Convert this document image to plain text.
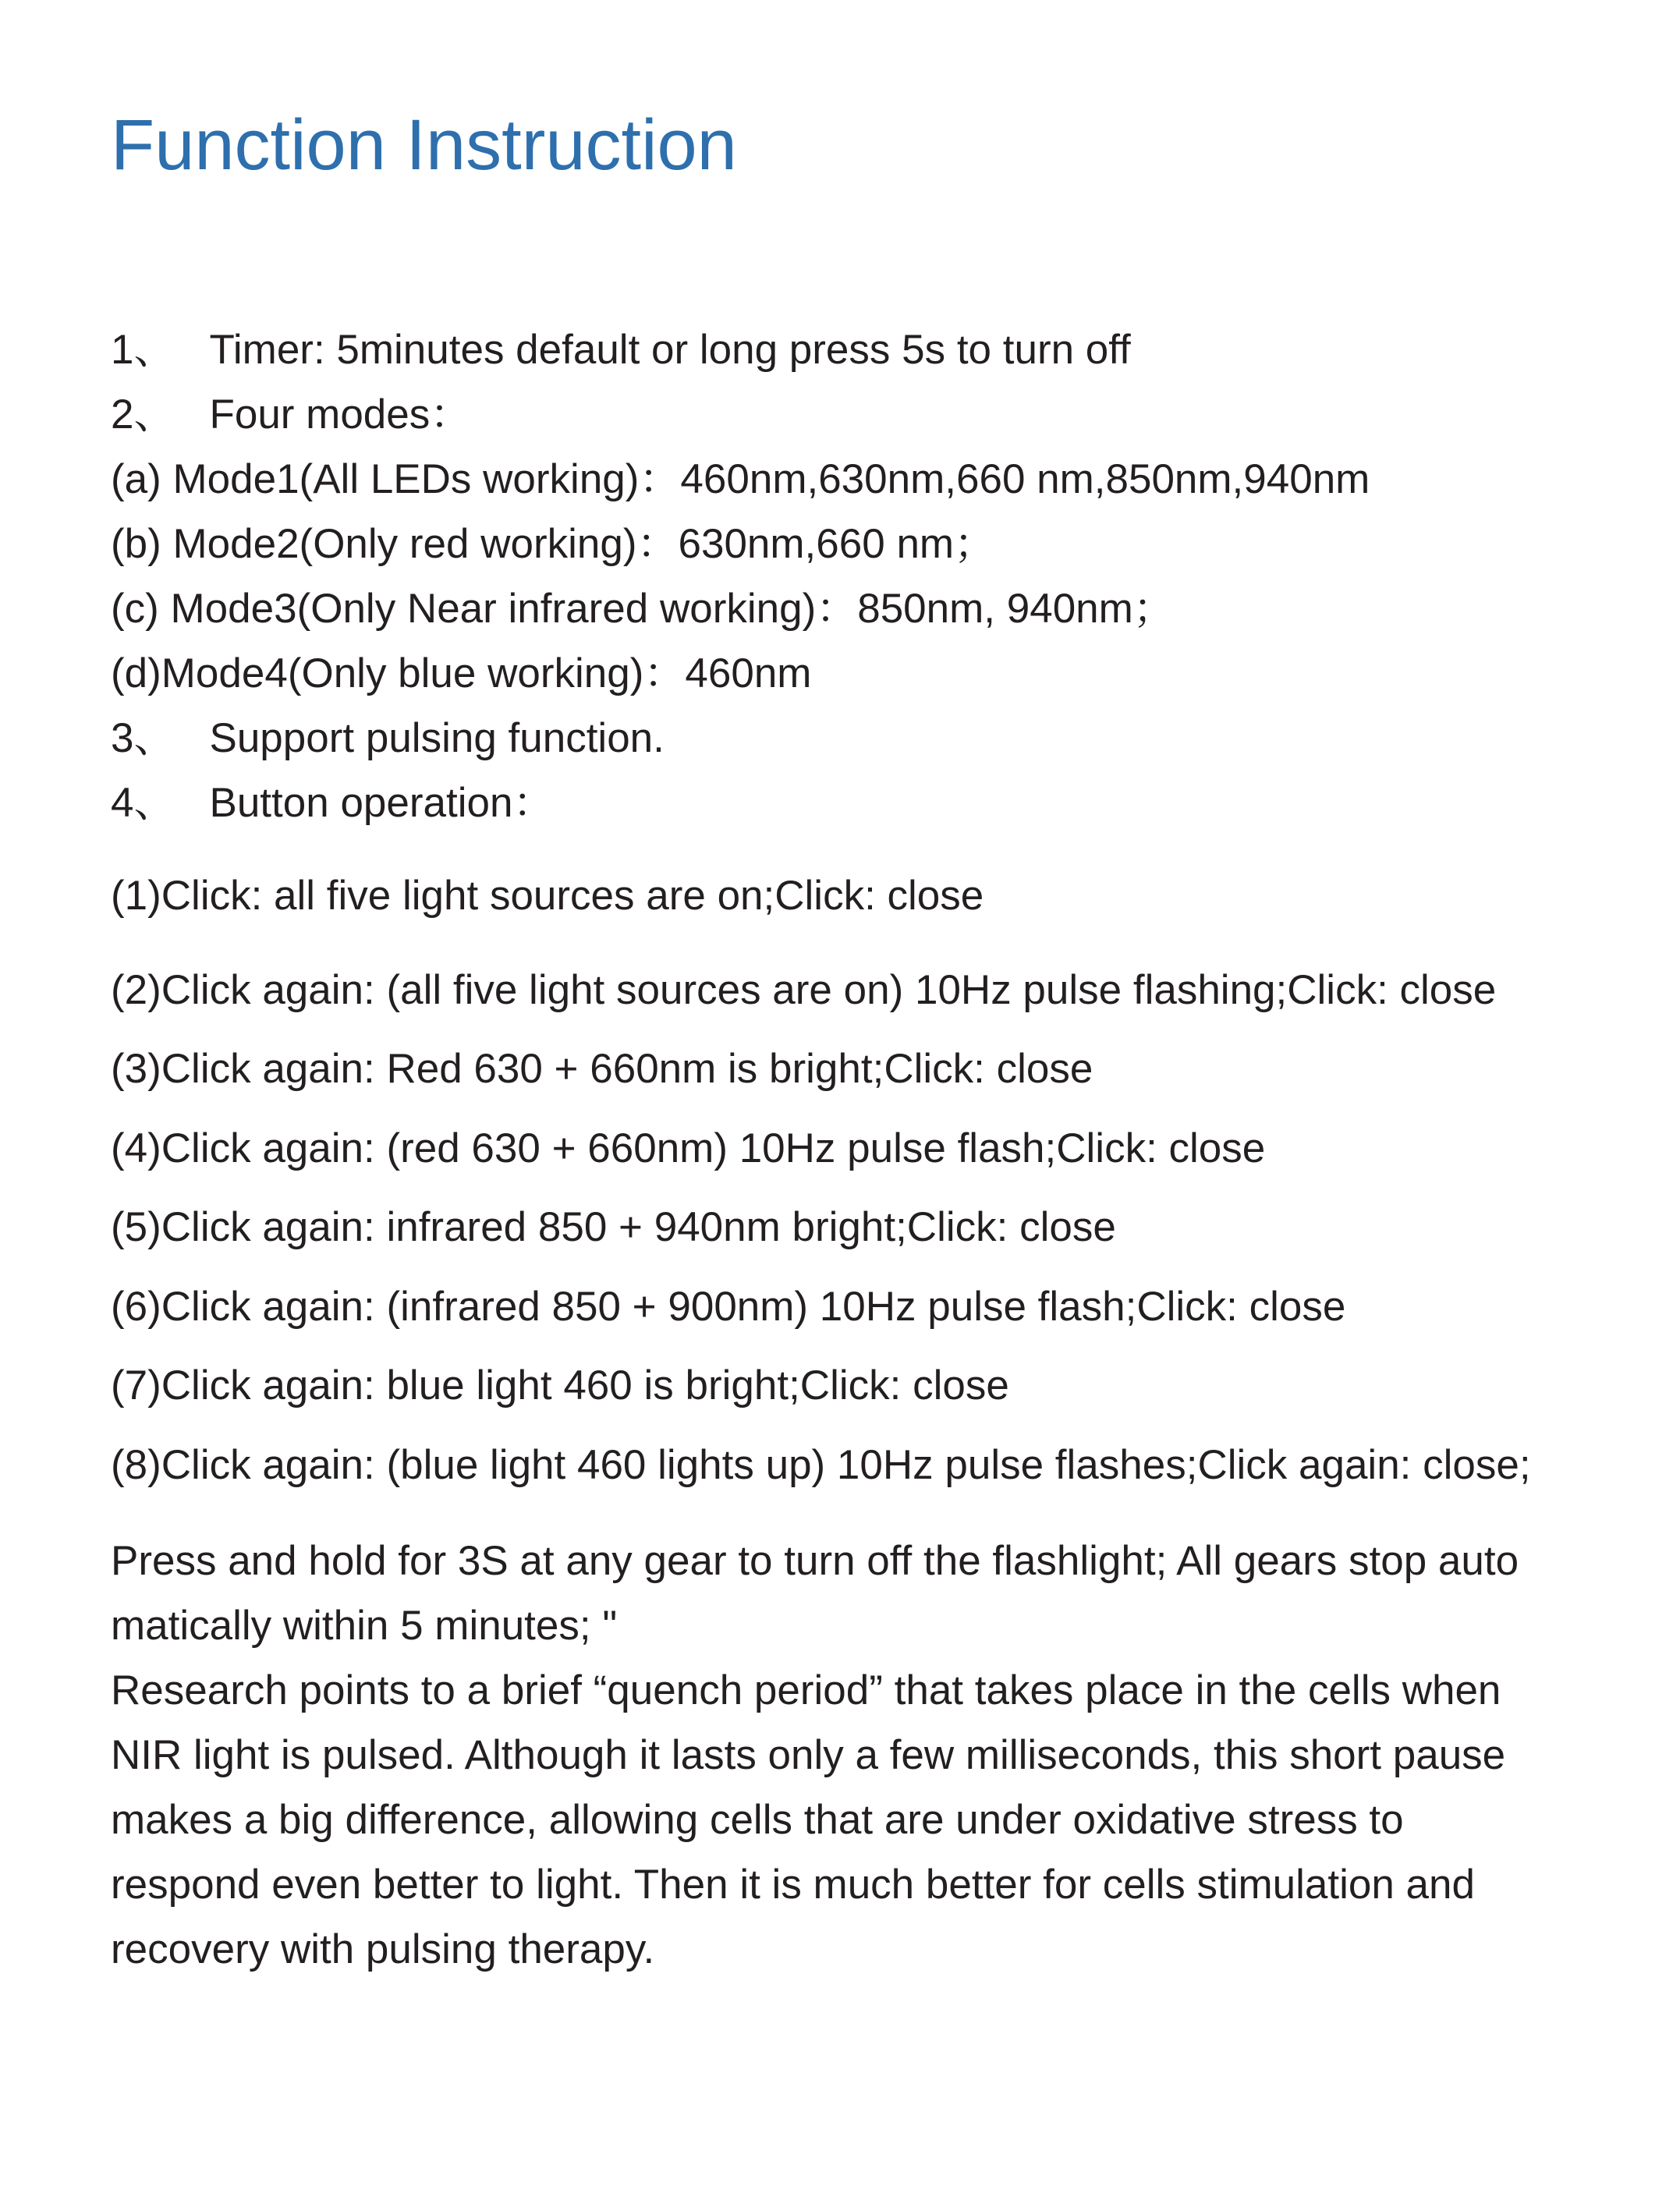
Function Instruction
1、 Timer: 5minutes default or long press 5s to turn off
2、 Four modes：
(a) Mode1(All LEDs working)：460nm,630nm,660 nm,850nm,940nm
(b) Mode2(Only red working)：630nm,660 nm；
(c) Mode3(Only Near infrared working)：850nm, 940nm；
(d)Mode4(Only blue working)：460nm
3、 Support pulsing function.
4、 Button operation：
(1)Click: all five light sources are on;Click: close
(2)Click again: (all five light sources are on) 10Hz pulse flashing;Click: close
(3)Click again: Red 630 + 660nm is bright;Click: close
(4)Click again: (red 630 + 660nm) 10Hz pulse flash;Click: close
(5)Click again: infrared 850 + 940nm bright;Click: close
(6)Click again: (infrared 850 + 900nm) 10Hz pulse flash;Click: close
(7)Click again: blue light 460 is bright;Click: close
(8)Click again: (blue light 460 lights up) 10Hz pulse flashes;Click again: close;

Press and hold for 3S at any gear to turn off the flashlight; All gears stop auto

matically within 5 minutes; "

Research points to a brief “quench period” that takes place in the cells when

NIR light is pulsed. Although it lasts only a few milliseconds, this short pause

makes a big difference, allowing cells that are under oxidative stress to

respond even better to light. Then it is much better for cells stimulation and

recovery with pulsing therapy.
